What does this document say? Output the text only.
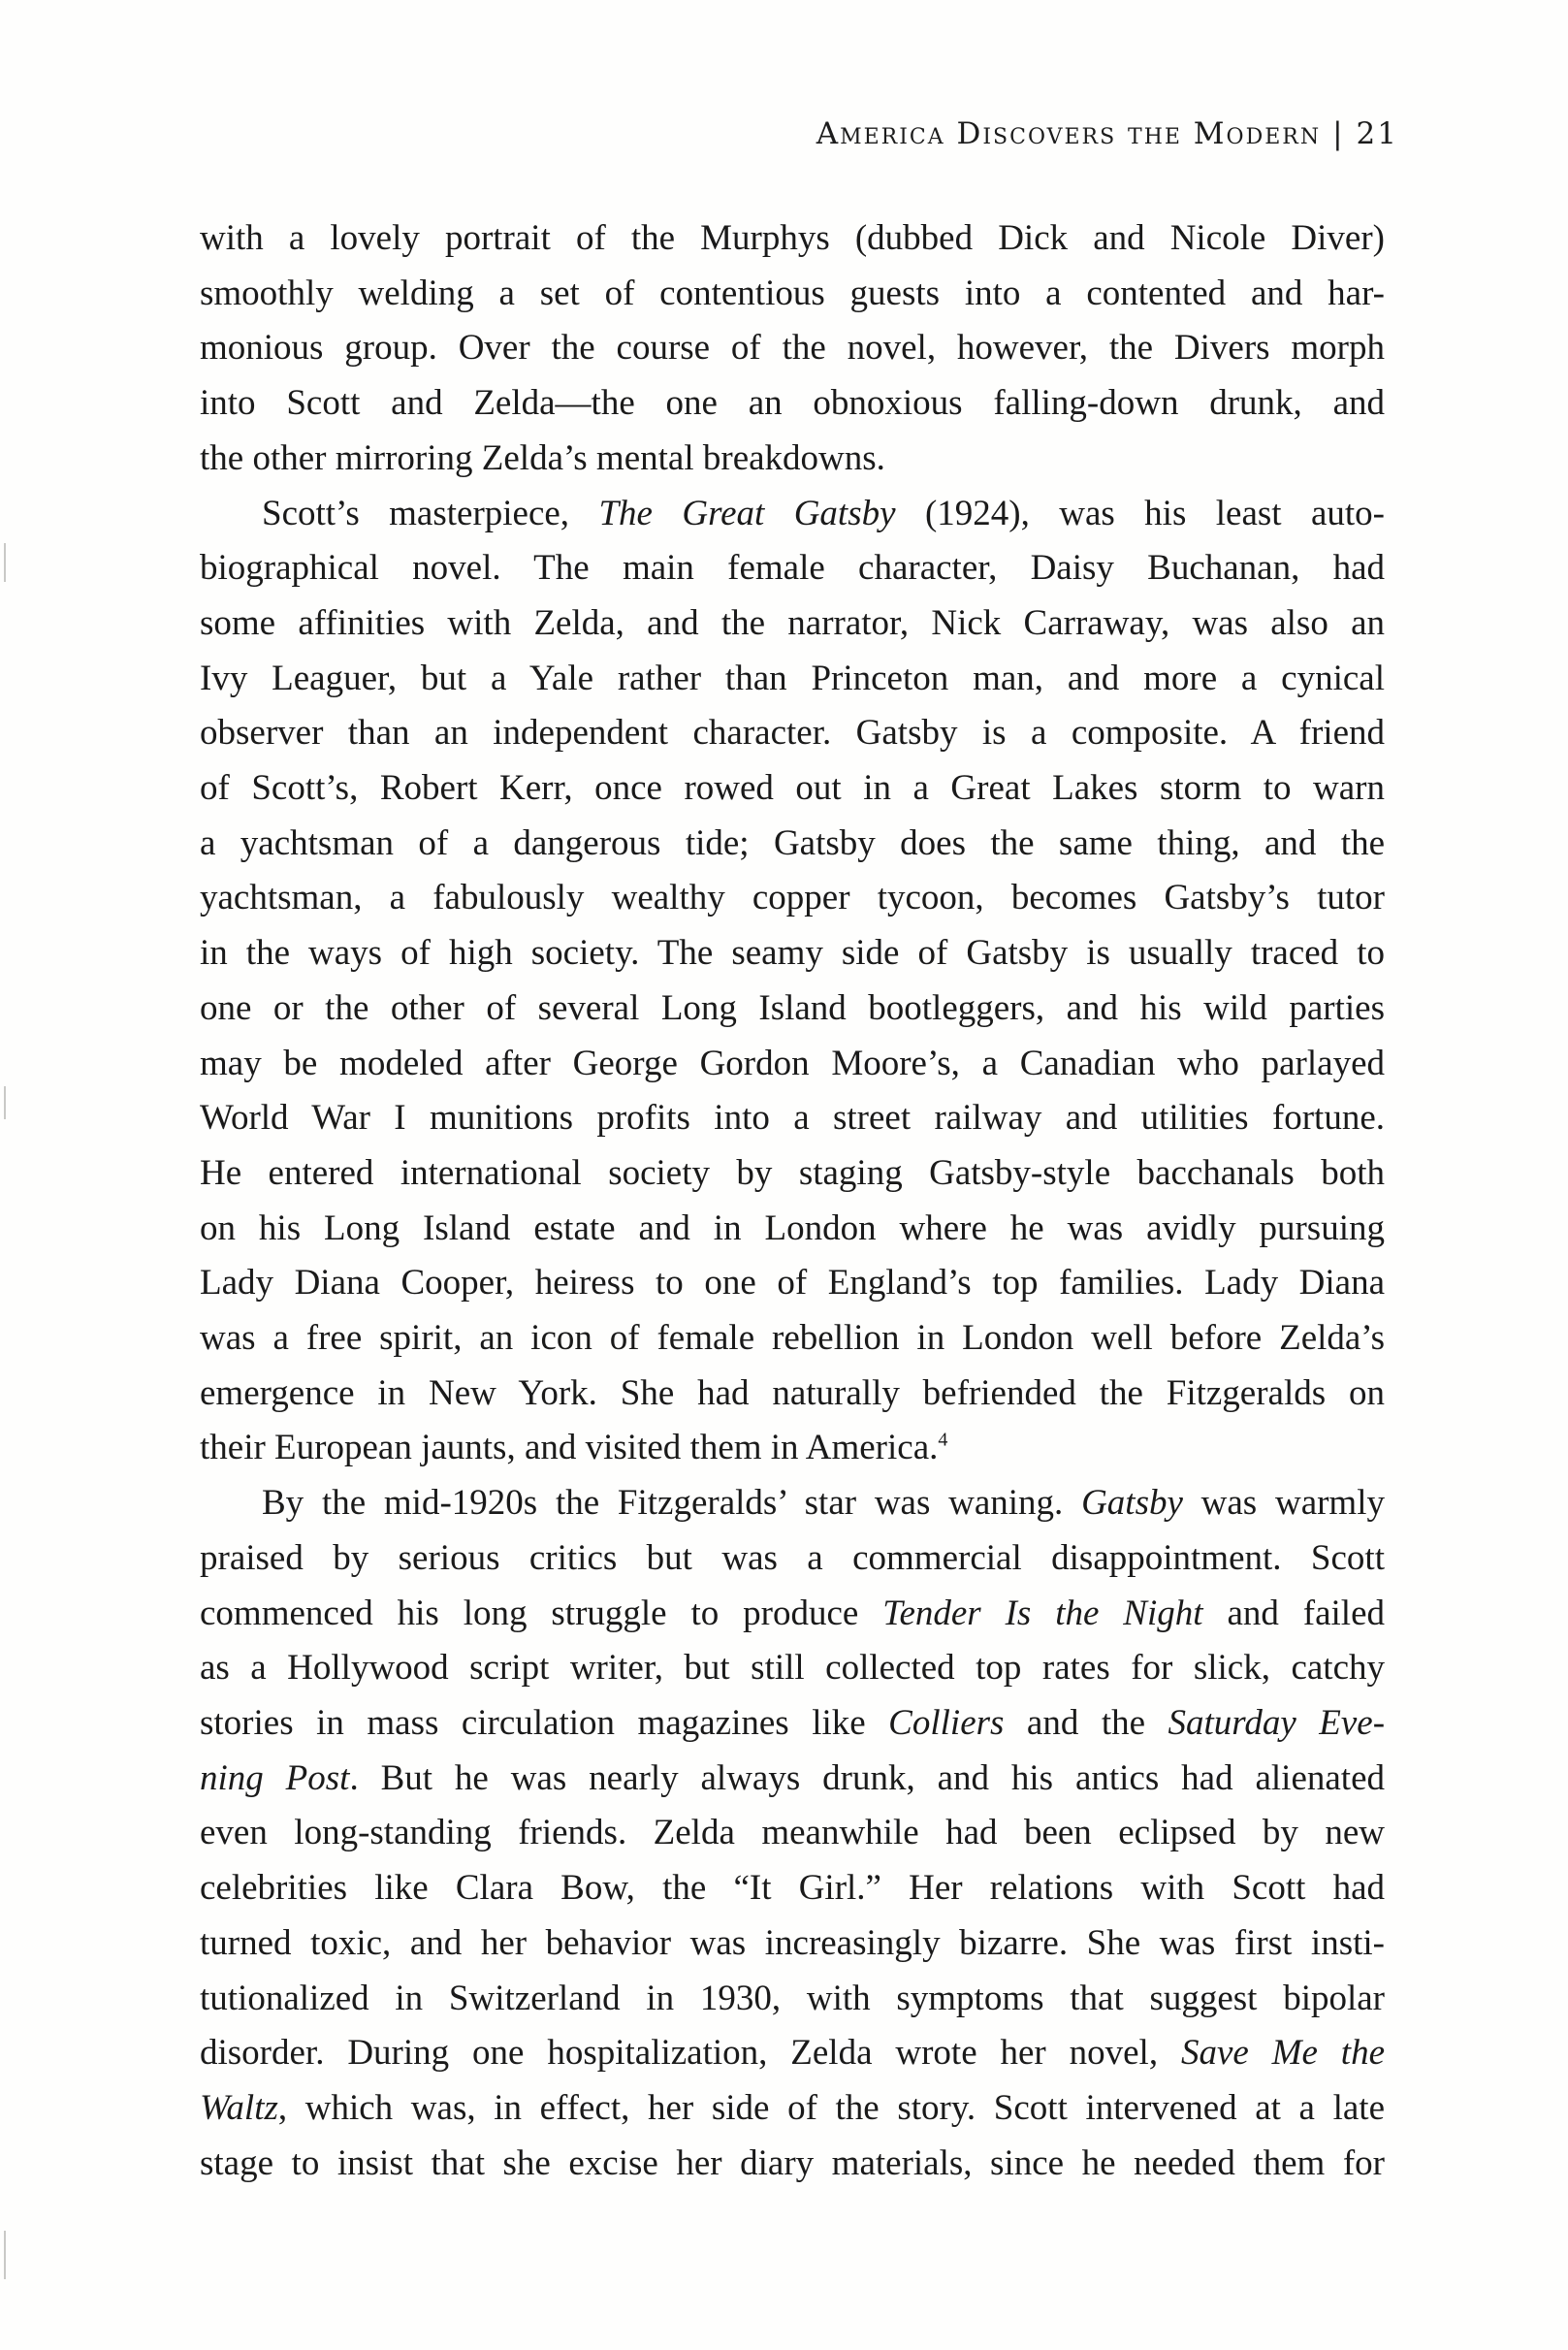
America Discovers the Modern | 21
with a lovely portrait of the Murphys (dubbed Dick and Nicole Diver)
smoothly welding a set of contentious guests into a contented and har-
monious group. Over the course of the novel, however, the Divers morph
into Scott and Zelda—the one an obnoxious falling-down drunk, and
the other mirroring Zelda’s mental breakdowns.
Scott’s masterpiece, The Great Gatsby (1924), was his least auto-
biographical novel. The main female character, Daisy Buchanan, had
some affinities with Zelda, and the narrator, Nick Carraway, was also an
Ivy Leaguer, but a Yale rather than Princeton man, and more a cynical
observer than an independent character. Gatsby is a composite. A friend
of Scott’s, Robert Kerr, once rowed out in a Great Lakes storm to warn
a yachtsman of a dangerous tide; Gatsby does the same thing, and the
yachtsman, a fabulously wealthy copper tycoon, becomes Gatsby’s tutor
in the ways of high society. The seamy side of Gatsby is usually traced to
one or the other of several Long Island bootleggers, and his wild parties
may be modeled after George Gordon Moore’s, a Canadian who parlayed
World War I munitions profits into a street railway and utilities fortune.
He entered international society by staging Gatsby-style bacchanals both
on his Long Island estate and in London where he was avidly pursuing
Lady Diana Cooper, heiress to one of England’s top families. Lady Diana
was a free spirit, an icon of female rebellion in London well before Zelda’s
emergence in New York. She had naturally befriended the Fitzgeralds on
their European jaunts, and visited them in America.$^4$
By the mid-1920s the Fitzgeralds’ star was waning. Gatsby was warmly
praised by serious critics but was a commercial disappointment. Scott
commenced his long struggle to produce Tender Is the Night and failed
as a Hollywood script writer, but still collected top rates for slick, catchy
stories in mass circulation magazines like Colliers and the Saturday Eve-
ning Post. But he was nearly always drunk, and his antics had alienated
even long-standing friends. Zelda meanwhile had been eclipsed by new
celebrities like Clara Bow, the “It Girl.” Her relations with Scott had
turned toxic, and her behavior was increasingly bizarre. She was first insti-
tutionalized in Switzerland in 1930, with symptoms that suggest bipolar
disorder. During one hospitalization, Zelda wrote her novel, Save Me the
Waltz, which was, in effect, her side of the story. Scott intervened at a late
stage to insist that she excise her diary materials, since he needed them for
